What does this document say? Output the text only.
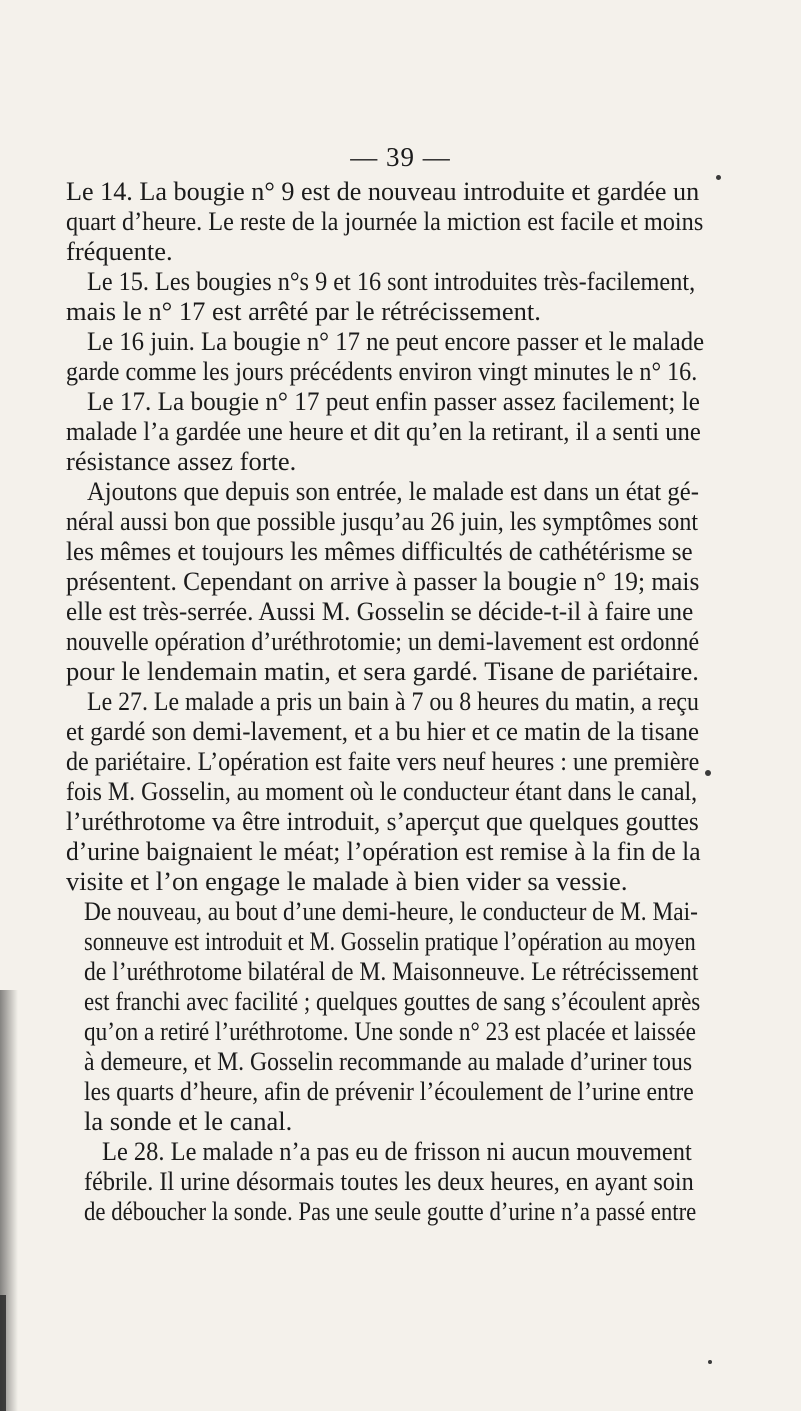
— 39 —
Le 14. La bougie n° 9 est de nouveau introduite et gardée un
quart d’heure. Le reste de la journée la miction est facile et moins
fréquente.
Le 15. Les bougies n°s 9 et 16 sont introduites très-facilement,
mais le n° 17 est arrêté par le rétrécissement.
Le 16 juin. La bougie n° 17 ne peut encore passer et le malade
garde comme les jours précédents environ vingt minutes le n° 16.
Le 17. La bougie n° 17 peut enfin passer assez facilement; le
malade l’a gardée une heure et dit qu’en la retirant, il a senti une
résistance assez forte.
Ajoutons que depuis son entrée, le malade est dans un état gé-
néral aussi bon que possible jusqu’au 26 juin, les symptômes sont
les mêmes et toujours les mêmes difficultés de cathétérisme se
présentent. Cependant on arrive à passer la bougie n° 19; mais
elle est très-serrée. Aussi M. Gosselin se décide-t-il à faire une
nouvelle opération d’uréthrotomie; un demi-lavement est ordonné
pour le lendemain matin, et sera gardé. Tisane de pariétaire.
Le 27. Le malade a pris un bain à 7 ou 8 heures du matin, a reçu
et gardé son demi-lavement, et a bu hier et ce matin de la tisane
de pariétaire. L’opération est faite vers neuf heures : une première
fois M. Gosselin, au moment où le conducteur étant dans le canal,
l’uréthrotome va être introduit, s’aperçut que quelques gouttes
d’urine baignaient le méat; l’opération est remise à la fin de la
visite et l’on engage le malade à bien vider sa vessie.
De nouveau, au bout d’une demi-heure, le conducteur de M. Mai-
sonneuve est introduit et M. Gosselin pratique l’opération au moyen
de l’uréthrotome bilatéral de M. Maisonneuve. Le rétrécissement
est franchi avec facilité ; quelques gouttes de sang s’écoulent après
qu’on a retiré l’uréthrotome. Une sonde n° 23 est placée et laissée
à demeure, et M. Gosselin recommande au malade d’uriner tous
les quarts d’heure, afin de prévenir l’écoulement de l’urine entre
la sonde et le canal.
Le 28. Le malade n’a pas eu de frisson ni aucun mouvement
fébrile. Il urine désormais toutes les deux heures, en ayant soin
de déboucher la sonde. Pas une seule goutte d’urine n’a passé entre
